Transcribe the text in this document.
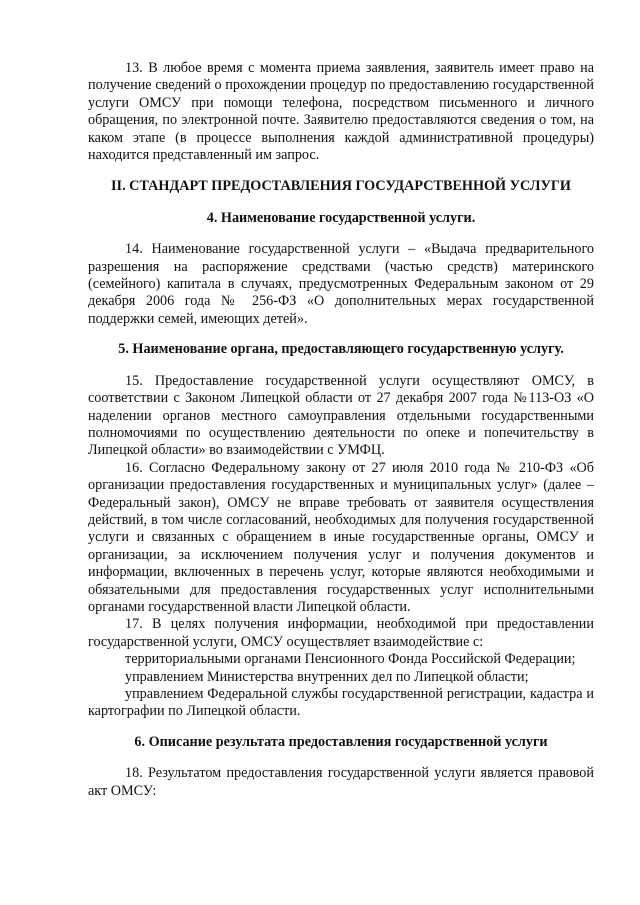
13. В любое время с момента приема заявления, заявитель имеет право на получение сведений о прохождении процедур по предоставлению государственной услуги ОМСУ при помощи телефона, посредством письменного и личного обращения, по электронной почте. Заявителю предоставляются сведения о том, на каком этапе (в процессе выполнения каждой административной процедуры) находится представленный им запрос.

II. СТАНДАРТ ПРЕДОСТАВЛЕНИЯ ГОСУДАРСТВЕННОЙ УСЛУГИ
4. Наименование государственной услуги.

14. Наименование государственной услуги – «Выдача предварительного разрешения на распоряжение средствами (частью средств) материнского (семейного) капитала в случаях, предусмотренных Федеральным законом от 29 декабря 2006 года № 256-ФЗ «О дополнительных мерах государственной поддержки семей, имеющих детей».

5. Наименование органа, предоставляющего государственную услугу.

15. Предоставление государственной услуги осуществляют ОМСУ, в соответствии с Законом Липецкой области от 27 декабря 2007 года №113-ОЗ «О наделении органов местного самоуправления отдельными государственными полномочиями по осуществлению деятельности по опеке и попечительству в Липецкой области» во взаимодействии с УМФЦ.

16. Согласно Федеральному закону от 27 июля 2010 года № 210-ФЗ «Об организации предоставления государственных и муниципальных услуг» (далее – Федеральный закон), ОМСУ не вправе требовать от заявителя осуществления действий, в том числе согласований, необходимых для получения государственной услуги и связанных с обращением в иные государственные органы, ОМСУ и организации, за исключением получения услуг и получения документов и информации, включенных в перечень услуг, которые являются необходимыми и обязательными для предоставления государственных услуг исполнительными органами государственной власти Липецкой области.

17. В целях получения информации, необходимой при предоставлении государственной услуги, ОМСУ осуществляет взаимодействие с:

территориальными органами Пенсионного Фонда Российской Федерации;

управлением Министерства внутренних дел по Липецкой области;

управлением Федеральной службы государственной регистрации, кадастра и картографии по Липецкой области.

6. Описание результата предоставления государственной услуги

18. Результатом предоставления государственной услуги является правовой акт ОМСУ:
